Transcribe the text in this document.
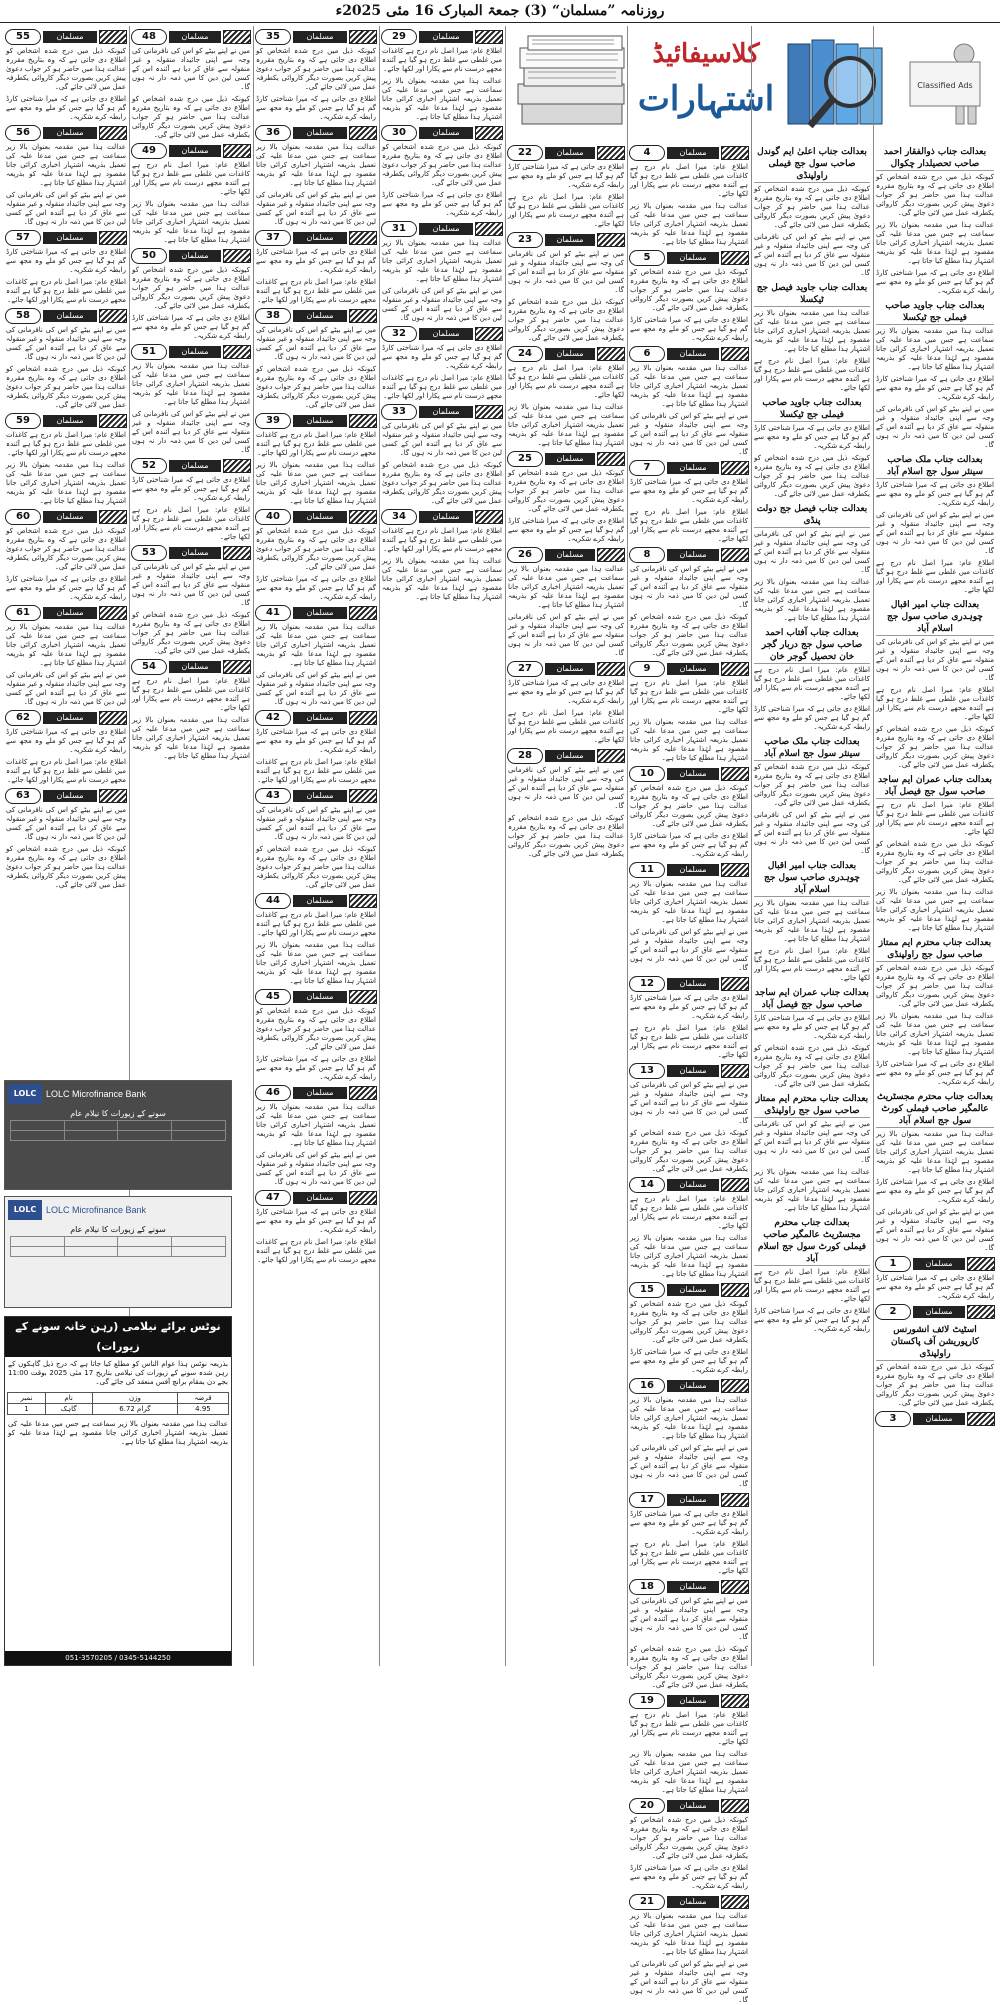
روزنامہ ”مسلمان“ (3) جمعۃ المبارک 16 مئی 2025ء
کلاسیفائیڈ
اشتہارات	Classified Ads
بعدالت جناب ذوالفقار احمد صاحب تحصیلدار چکوال
کیونکہ ذیل میں درج شدہ اشخاص کو اطلاع دی جاتی ہے کہ وہ بتاریخ مقررہ عدالت ہذا میں حاضر ہو کر جواب دعویٰ پیش کریں بصورت دیگر کاروائی یکطرفہ عمل میں لائی جائے گی۔
عدالت ہذا میں مقدمہ بعنوان بالا زیر سماعت ہے جس میں مدعا علیہ کی تعمیل بذریعہ اشتہار اخباری کرائی جانا مقصود ہے لہٰذا مدعا علیہ کو بذریعہ اشتہار ہذا مطلع کیا جاتا ہے۔
اطلاع دی جاتی ہے کہ میرا شناختی کارڈ گم ہو گیا ہے جس کو ملے وہ مجھ سے رابطہ کرے شکریہ۔
بعدالت جناب جاوید صاحب فیملی جج ٹیکسلا
عدالت ہذا میں مقدمہ بعنوان بالا زیر سماعت ہے جس میں مدعا علیہ کی تعمیل بذریعہ اشتہار اخباری کرائی جانا مقصود ہے لہٰذا مدعا علیہ کو بذریعہ اشتہار ہذا مطلع کیا جاتا ہے۔
اطلاع دی جاتی ہے کہ میرا شناختی کارڈ گم ہو گیا ہے جس کو ملے وہ مجھ سے رابطہ کرے شکریہ۔
میں نے اپنے بیٹے کو اس کی نافرمانی کی وجہ سے اپنی جائیداد منقولہ و غیر منقولہ سے عاق کر دیا ہے آئندہ اس کے کسی لین دین کا میں ذمہ دار نہ ہوں گا۔
بعدالت جناب ملک صاحب سینئر سول جج اسلام آباد
اطلاع دی جاتی ہے کہ میرا شناختی کارڈ گم ہو گیا ہے جس کو ملے وہ مجھ سے رابطہ کرے شکریہ۔
میں نے اپنے بیٹے کو اس کی نافرمانی کی وجہ سے اپنی جائیداد منقولہ و غیر منقولہ سے عاق کر دیا ہے آئندہ اس کے کسی لین دین کا میں ذمہ دار نہ ہوں گا۔
اطلاع عام: میرا اصل نام درج ہے کاغذات میں غلطی سے غلط درج ہو گیا ہے آئندہ مجھے درست نام سے پکارا اور لکھا جائے۔
بعدالت جناب امیر اقبال چوہدری صاحب سول جج اسلام آباد
میں نے اپنے بیٹے کو اس کی نافرمانی کی وجہ سے اپنی جائیداد منقولہ و غیر منقولہ سے عاق کر دیا ہے آئندہ اس کے کسی لین دین کا میں ذمہ دار نہ ہوں گا۔
اطلاع عام: میرا اصل نام درج ہے کاغذات میں غلطی سے غلط درج ہو گیا ہے آئندہ مجھے درست نام سے پکارا اور لکھا جائے۔
کیونکہ ذیل میں درج شدہ اشخاص کو اطلاع دی جاتی ہے کہ وہ بتاریخ مقررہ عدالت ہذا میں حاضر ہو کر جواب دعویٰ پیش کریں بصورت دیگر کاروائی یکطرفہ عمل میں لائی جائے گی۔
بعدالت جناب عمران ایم ساجد صاحب سول جج فیصل آباد
اطلاع عام: میرا اصل نام درج ہے کاغذات میں غلطی سے غلط درج ہو گیا ہے آئندہ مجھے درست نام سے پکارا اور لکھا جائے۔
کیونکہ ذیل میں درج شدہ اشخاص کو اطلاع دی جاتی ہے کہ وہ بتاریخ مقررہ عدالت ہذا میں حاضر ہو کر جواب دعویٰ پیش کریں بصورت دیگر کاروائی یکطرفہ عمل میں لائی جائے گی۔
عدالت ہذا میں مقدمہ بعنوان بالا زیر سماعت ہے جس میں مدعا علیہ کی تعمیل بذریعہ اشتہار اخباری کرائی جانا مقصود ہے لہٰذا مدعا علیہ کو بذریعہ اشتہار ہذا مطلع کیا جاتا ہے۔
بعدالت جناب محترم ایم ممتاز صاحب سول جج راولپنڈی
کیونکہ ذیل میں درج شدہ اشخاص کو اطلاع دی جاتی ہے کہ وہ بتاریخ مقررہ عدالت ہذا میں حاضر ہو کر جواب دعویٰ پیش کریں بصورت دیگر کاروائی یکطرفہ عمل میں لائی جائے گی۔
عدالت ہذا میں مقدمہ بعنوان بالا زیر سماعت ہے جس میں مدعا علیہ کی تعمیل بذریعہ اشتہار اخباری کرائی جانا مقصود ہے لہٰذا مدعا علیہ کو بذریعہ اشتہار ہذا مطلع کیا جاتا ہے۔
اطلاع دی جاتی ہے کہ میرا شناختی کارڈ گم ہو گیا ہے جس کو ملے وہ مجھ سے رابطہ کرے شکریہ۔
بعدالت جناب محترم مجسٹریٹ عالمگیر صاحب فیملی کورٹ سول جج اسلام آباد
عدالت ہذا میں مقدمہ بعنوان بالا زیر سماعت ہے جس میں مدعا علیہ کی تعمیل بذریعہ اشتہار اخباری کرائی جانا مقصود ہے لہٰذا مدعا علیہ کو بذریعہ اشتہار ہذا مطلع کیا جاتا ہے۔
اطلاع دی جاتی ہے کہ میرا شناختی کارڈ گم ہو گیا ہے جس کو ملے وہ مجھ سے رابطہ کرے شکریہ۔
میں نے اپنے بیٹے کو اس کی نافرمانی کی وجہ سے اپنی جائیداد منقولہ و غیر منقولہ سے عاق کر دیا ہے آئندہ اس کے کسی لین دین کا میں ذمہ دار نہ ہوں گا۔
1	مسلمان
اطلاع دی جاتی ہے کہ میرا شناختی کارڈ گم ہو گیا ہے جس کو ملے وہ مجھ سے رابطہ کرے شکریہ۔
2	مسلمان
اسٹیٹ لائف انشورنس کارپوریشن آف پاکستان راولپنڈی
کیونکہ ذیل میں درج شدہ اشخاص کو اطلاع دی جاتی ہے کہ وہ بتاریخ مقررہ عدالت ہذا میں حاضر ہو کر جواب دعویٰ پیش کریں بصورت دیگر کاروائی یکطرفہ عمل میں لائی جائے گی۔
3	مسلمان
بعدالت جناب اعلیٰ ایم گوندل صاحب سول جج فیملی راولپنڈی
کیونکہ ذیل میں درج شدہ اشخاص کو اطلاع دی جاتی ہے کہ وہ بتاریخ مقررہ عدالت ہذا میں حاضر ہو کر جواب دعویٰ پیش کریں بصورت دیگر کاروائی یکطرفہ عمل میں لائی جائے گی۔
میں نے اپنے بیٹے کو اس کی نافرمانی کی وجہ سے اپنی جائیداد منقولہ و غیر منقولہ سے عاق کر دیا ہے آئندہ اس کے کسی لین دین کا میں ذمہ دار نہ ہوں گا۔
بعدالت جناب جاوید فیصل جج ٹیکسلا
عدالت ہذا میں مقدمہ بعنوان بالا زیر سماعت ہے جس میں مدعا علیہ کی تعمیل بذریعہ اشتہار اخباری کرائی جانا مقصود ہے لہٰذا مدعا علیہ کو بذریعہ اشتہار ہذا مطلع کیا جاتا ہے۔
اطلاع عام: میرا اصل نام درج ہے کاغذات میں غلطی سے غلط درج ہو گیا ہے آئندہ مجھے درست نام سے پکارا اور لکھا جائے۔
بعدالت جناب جاوید صاحب فیملی جج ٹیکسلا
اطلاع دی جاتی ہے کہ میرا شناختی کارڈ گم ہو گیا ہے جس کو ملے وہ مجھ سے رابطہ کرے شکریہ۔
کیونکہ ذیل میں درج شدہ اشخاص کو اطلاع دی جاتی ہے کہ وہ بتاریخ مقررہ عدالت ہذا میں حاضر ہو کر جواب دعویٰ پیش کریں بصورت دیگر کاروائی یکطرفہ عمل میں لائی جائے گی۔
بعدالت جناب فیصل جج دولت پنڈی
میں نے اپنے بیٹے کو اس کی نافرمانی کی وجہ سے اپنی جائیداد منقولہ و غیر منقولہ سے عاق کر دیا ہے آئندہ اس کے کسی لین دین کا میں ذمہ دار نہ ہوں گا۔
عدالت ہذا میں مقدمہ بعنوان بالا زیر سماعت ہے جس میں مدعا علیہ کی تعمیل بذریعہ اشتہار اخباری کرائی جانا مقصود ہے لہٰذا مدعا علیہ کو بذریعہ اشتہار ہذا مطلع کیا جاتا ہے۔
بعدالت جناب آفتاب احمد صاحب سول جج دربار گجر خان تحصیل گوجر خان
اطلاع عام: میرا اصل نام درج ہے کاغذات میں غلطی سے غلط درج ہو گیا ہے آئندہ مجھے درست نام سے پکارا اور لکھا جائے۔
اطلاع دی جاتی ہے کہ میرا شناختی کارڈ گم ہو گیا ہے جس کو ملے وہ مجھ سے رابطہ کرے شکریہ۔
بعدالت جناب ملک صاحب سینئر سول جج اسلام آباد
کیونکہ ذیل میں درج شدہ اشخاص کو اطلاع دی جاتی ہے کہ وہ بتاریخ مقررہ عدالت ہذا میں حاضر ہو کر جواب دعویٰ پیش کریں بصورت دیگر کاروائی یکطرفہ عمل میں لائی جائے گی۔
میں نے اپنے بیٹے کو اس کی نافرمانی کی وجہ سے اپنی جائیداد منقولہ و غیر منقولہ سے عاق کر دیا ہے آئندہ اس کے کسی لین دین کا میں ذمہ دار نہ ہوں گا۔
بعدالت جناب امیر اقبال چوہدری صاحب سول جج اسلام آباد
عدالت ہذا میں مقدمہ بعنوان بالا زیر سماعت ہے جس میں مدعا علیہ کی تعمیل بذریعہ اشتہار اخباری کرائی جانا مقصود ہے لہٰذا مدعا علیہ کو بذریعہ اشتہار ہذا مطلع کیا جاتا ہے۔
اطلاع عام: میرا اصل نام درج ہے کاغذات میں غلطی سے غلط درج ہو گیا ہے آئندہ مجھے درست نام سے پکارا اور لکھا جائے۔
بعدالت جناب عمران ایم ساجد صاحب سول جج فیصل آباد
اطلاع دی جاتی ہے کہ میرا شناختی کارڈ گم ہو گیا ہے جس کو ملے وہ مجھ سے رابطہ کرے شکریہ۔
کیونکہ ذیل میں درج شدہ اشخاص کو اطلاع دی جاتی ہے کہ وہ بتاریخ مقررہ عدالت ہذا میں حاضر ہو کر جواب دعویٰ پیش کریں بصورت دیگر کاروائی یکطرفہ عمل میں لائی جائے گی۔
بعدالت جناب محترم ایم ممتاز صاحب سول جج راولپنڈی
میں نے اپنے بیٹے کو اس کی نافرمانی کی وجہ سے اپنی جائیداد منقولہ و غیر منقولہ سے عاق کر دیا ہے آئندہ اس کے کسی لین دین کا میں ذمہ دار نہ ہوں گا۔
عدالت ہذا میں مقدمہ بعنوان بالا زیر سماعت ہے جس میں مدعا علیہ کی تعمیل بذریعہ اشتہار اخباری کرائی جانا مقصود ہے لہٰذا مدعا علیہ کو بذریعہ اشتہار ہذا مطلع کیا جاتا ہے۔
بعدالت جناب محترم مجسٹریٹ عالمگیر صاحب فیملی کورٹ سول جج اسلام آباد
اطلاع عام: میرا اصل نام درج ہے کاغذات میں غلطی سے غلط درج ہو گیا ہے آئندہ مجھے درست نام سے پکارا اور لکھا جائے۔
اطلاع دی جاتی ہے کہ میرا شناختی کارڈ گم ہو گیا ہے جس کو ملے وہ مجھ سے رابطہ کرے شکریہ۔
4	مسلمان
اطلاع عام: میرا اصل نام درج ہے کاغذات میں غلطی سے غلط درج ہو گیا ہے آئندہ مجھے درست نام سے پکارا اور لکھا جائے۔
عدالت ہذا میں مقدمہ بعنوان بالا زیر سماعت ہے جس میں مدعا علیہ کی تعمیل بذریعہ اشتہار اخباری کرائی جانا مقصود ہے لہٰذا مدعا علیہ کو بذریعہ اشتہار ہذا مطلع کیا جاتا ہے۔
5	مسلمان
کیونکہ ذیل میں درج شدہ اشخاص کو اطلاع دی جاتی ہے کہ وہ بتاریخ مقررہ عدالت ہذا میں حاضر ہو کر جواب دعویٰ پیش کریں بصورت دیگر کاروائی یکطرفہ عمل میں لائی جائے گی۔
اطلاع دی جاتی ہے کہ میرا شناختی کارڈ گم ہو گیا ہے جس کو ملے وہ مجھ سے رابطہ کرے شکریہ۔
6	مسلمان
عدالت ہذا میں مقدمہ بعنوان بالا زیر سماعت ہے جس میں مدعا علیہ کی تعمیل بذریعہ اشتہار اخباری کرائی جانا مقصود ہے لہٰذا مدعا علیہ کو بذریعہ اشتہار ہذا مطلع کیا جاتا ہے۔
میں نے اپنے بیٹے کو اس کی نافرمانی کی وجہ سے اپنی جائیداد منقولہ و غیر منقولہ سے عاق کر دیا ہے آئندہ اس کے کسی لین دین کا میں ذمہ دار نہ ہوں گا۔
7	مسلمان
اطلاع دی جاتی ہے کہ میرا شناختی کارڈ گم ہو گیا ہے جس کو ملے وہ مجھ سے رابطہ کرے شکریہ۔
اطلاع عام: میرا اصل نام درج ہے کاغذات میں غلطی سے غلط درج ہو گیا ہے آئندہ مجھے درست نام سے پکارا اور لکھا جائے۔
8	مسلمان
میں نے اپنے بیٹے کو اس کی نافرمانی کی وجہ سے اپنی جائیداد منقولہ و غیر منقولہ سے عاق کر دیا ہے آئندہ اس کے کسی لین دین کا میں ذمہ دار نہ ہوں گا۔
کیونکہ ذیل میں درج شدہ اشخاص کو اطلاع دی جاتی ہے کہ وہ بتاریخ مقررہ عدالت ہذا میں حاضر ہو کر جواب دعویٰ پیش کریں بصورت دیگر کاروائی یکطرفہ عمل میں لائی جائے گی۔
9	مسلمان
اطلاع عام: میرا اصل نام درج ہے کاغذات میں غلطی سے غلط درج ہو گیا ہے آئندہ مجھے درست نام سے پکارا اور لکھا جائے۔
عدالت ہذا میں مقدمہ بعنوان بالا زیر سماعت ہے جس میں مدعا علیہ کی تعمیل بذریعہ اشتہار اخباری کرائی جانا مقصود ہے لہٰذا مدعا علیہ کو بذریعہ اشتہار ہذا مطلع کیا جاتا ہے۔
10	مسلمان
کیونکہ ذیل میں درج شدہ اشخاص کو اطلاع دی جاتی ہے کہ وہ بتاریخ مقررہ عدالت ہذا میں حاضر ہو کر جواب دعویٰ پیش کریں بصورت دیگر کاروائی یکطرفہ عمل میں لائی جائے گی۔
اطلاع دی جاتی ہے کہ میرا شناختی کارڈ گم ہو گیا ہے جس کو ملے وہ مجھ سے رابطہ کرے شکریہ۔
11	مسلمان
عدالت ہذا میں مقدمہ بعنوان بالا زیر سماعت ہے جس میں مدعا علیہ کی تعمیل بذریعہ اشتہار اخباری کرائی جانا مقصود ہے لہٰذا مدعا علیہ کو بذریعہ اشتہار ہذا مطلع کیا جاتا ہے۔
میں نے اپنے بیٹے کو اس کی نافرمانی کی وجہ سے اپنی جائیداد منقولہ و غیر منقولہ سے عاق کر دیا ہے آئندہ اس کے کسی لین دین کا میں ذمہ دار نہ ہوں گا۔
12	مسلمان
اطلاع دی جاتی ہے کہ میرا شناختی کارڈ گم ہو گیا ہے جس کو ملے وہ مجھ سے رابطہ کرے شکریہ۔
اطلاع عام: میرا اصل نام درج ہے کاغذات میں غلطی سے غلط درج ہو گیا ہے آئندہ مجھے درست نام سے پکارا اور لکھا جائے۔
13	مسلمان
میں نے اپنے بیٹے کو اس کی نافرمانی کی وجہ سے اپنی جائیداد منقولہ و غیر منقولہ سے عاق کر دیا ہے آئندہ اس کے کسی لین دین کا میں ذمہ دار نہ ہوں گا۔
کیونکہ ذیل میں درج شدہ اشخاص کو اطلاع دی جاتی ہے کہ وہ بتاریخ مقررہ عدالت ہذا میں حاضر ہو کر جواب دعویٰ پیش کریں بصورت دیگر کاروائی یکطرفہ عمل میں لائی جائے گی۔
14	مسلمان
اطلاع عام: میرا اصل نام درج ہے کاغذات میں غلطی سے غلط درج ہو گیا ہے آئندہ مجھے درست نام سے پکارا اور لکھا جائے۔
عدالت ہذا میں مقدمہ بعنوان بالا زیر سماعت ہے جس میں مدعا علیہ کی تعمیل بذریعہ اشتہار اخباری کرائی جانا مقصود ہے لہٰذا مدعا علیہ کو بذریعہ اشتہار ہذا مطلع کیا جاتا ہے۔
15	مسلمان
کیونکہ ذیل میں درج شدہ اشخاص کو اطلاع دی جاتی ہے کہ وہ بتاریخ مقررہ عدالت ہذا میں حاضر ہو کر جواب دعویٰ پیش کریں بصورت دیگر کاروائی یکطرفہ عمل میں لائی جائے گی۔
اطلاع دی جاتی ہے کہ میرا شناختی کارڈ گم ہو گیا ہے جس کو ملے وہ مجھ سے رابطہ کرے شکریہ۔
16	مسلمان
عدالت ہذا میں مقدمہ بعنوان بالا زیر سماعت ہے جس میں مدعا علیہ کی تعمیل بذریعہ اشتہار اخباری کرائی جانا مقصود ہے لہٰذا مدعا علیہ کو بذریعہ اشتہار ہذا مطلع کیا جاتا ہے۔
میں نے اپنے بیٹے کو اس کی نافرمانی کی وجہ سے اپنی جائیداد منقولہ و غیر منقولہ سے عاق کر دیا ہے آئندہ اس کے کسی لین دین کا میں ذمہ دار نہ ہوں گا۔
17	مسلمان
اطلاع دی جاتی ہے کہ میرا شناختی کارڈ گم ہو گیا ہے جس کو ملے وہ مجھ سے رابطہ کرے شکریہ۔
اطلاع عام: میرا اصل نام درج ہے کاغذات میں غلطی سے غلط درج ہو گیا ہے آئندہ مجھے درست نام سے پکارا اور لکھا جائے۔
18	مسلمان
میں نے اپنے بیٹے کو اس کی نافرمانی کی وجہ سے اپنی جائیداد منقولہ و غیر منقولہ سے عاق کر دیا ہے آئندہ اس کے کسی لین دین کا میں ذمہ دار نہ ہوں گا۔
کیونکہ ذیل میں درج شدہ اشخاص کو اطلاع دی جاتی ہے کہ وہ بتاریخ مقررہ عدالت ہذا میں حاضر ہو کر جواب دعویٰ پیش کریں بصورت دیگر کاروائی یکطرفہ عمل میں لائی جائے گی۔
19	مسلمان
اطلاع عام: میرا اصل نام درج ہے کاغذات میں غلطی سے غلط درج ہو گیا ہے آئندہ مجھے درست نام سے پکارا اور لکھا جائے۔
عدالت ہذا میں مقدمہ بعنوان بالا زیر سماعت ہے جس میں مدعا علیہ کی تعمیل بذریعہ اشتہار اخباری کرائی جانا مقصود ہے لہٰذا مدعا علیہ کو بذریعہ اشتہار ہذا مطلع کیا جاتا ہے۔
20	مسلمان
کیونکہ ذیل میں درج شدہ اشخاص کو اطلاع دی جاتی ہے کہ وہ بتاریخ مقررہ عدالت ہذا میں حاضر ہو کر جواب دعویٰ پیش کریں بصورت دیگر کاروائی یکطرفہ عمل میں لائی جائے گی۔
اطلاع دی جاتی ہے کہ میرا شناختی کارڈ گم ہو گیا ہے جس کو ملے وہ مجھ سے رابطہ کرے شکریہ۔
21	مسلمان
عدالت ہذا میں مقدمہ بعنوان بالا زیر سماعت ہے جس میں مدعا علیہ کی تعمیل بذریعہ اشتہار اخباری کرائی جانا مقصود ہے لہٰذا مدعا علیہ کو بذریعہ اشتہار ہذا مطلع کیا جاتا ہے۔
میں نے اپنے بیٹے کو اس کی نافرمانی کی وجہ سے اپنی جائیداد منقولہ و غیر منقولہ سے عاق کر دیا ہے آئندہ اس کے کسی لین دین کا میں ذمہ دار نہ ہوں گا۔
22	مسلمان
اطلاع دی جاتی ہے کہ میرا شناختی کارڈ گم ہو گیا ہے جس کو ملے وہ مجھ سے رابطہ کرے شکریہ۔
اطلاع عام: میرا اصل نام درج ہے کاغذات میں غلطی سے غلط درج ہو گیا ہے آئندہ مجھے درست نام سے پکارا اور لکھا جائے۔
23	مسلمان
میں نے اپنے بیٹے کو اس کی نافرمانی کی وجہ سے اپنی جائیداد منقولہ و غیر منقولہ سے عاق کر دیا ہے آئندہ اس کے کسی لین دین کا میں ذمہ دار نہ ہوں گا۔
کیونکہ ذیل میں درج شدہ اشخاص کو اطلاع دی جاتی ہے کہ وہ بتاریخ مقررہ عدالت ہذا میں حاضر ہو کر جواب دعویٰ پیش کریں بصورت دیگر کاروائی یکطرفہ عمل میں لائی جائے گی۔
24	مسلمان
اطلاع عام: میرا اصل نام درج ہے کاغذات میں غلطی سے غلط درج ہو گیا ہے آئندہ مجھے درست نام سے پکارا اور لکھا جائے۔
عدالت ہذا میں مقدمہ بعنوان بالا زیر سماعت ہے جس میں مدعا علیہ کی تعمیل بذریعہ اشتہار اخباری کرائی جانا مقصود ہے لہٰذا مدعا علیہ کو بذریعہ اشتہار ہذا مطلع کیا جاتا ہے۔
25	مسلمان
کیونکہ ذیل میں درج شدہ اشخاص کو اطلاع دی جاتی ہے کہ وہ بتاریخ مقررہ عدالت ہذا میں حاضر ہو کر جواب دعویٰ پیش کریں بصورت دیگر کاروائی یکطرفہ عمل میں لائی جائے گی۔
اطلاع دی جاتی ہے کہ میرا شناختی کارڈ گم ہو گیا ہے جس کو ملے وہ مجھ سے رابطہ کرے شکریہ۔
26	مسلمان
عدالت ہذا میں مقدمہ بعنوان بالا زیر سماعت ہے جس میں مدعا علیہ کی تعمیل بذریعہ اشتہار اخباری کرائی جانا مقصود ہے لہٰذا مدعا علیہ کو بذریعہ اشتہار ہذا مطلع کیا جاتا ہے۔
میں نے اپنے بیٹے کو اس کی نافرمانی کی وجہ سے اپنی جائیداد منقولہ و غیر منقولہ سے عاق کر دیا ہے آئندہ اس کے کسی لین دین کا میں ذمہ دار نہ ہوں گا۔
27	مسلمان
اطلاع دی جاتی ہے کہ میرا شناختی کارڈ گم ہو گیا ہے جس کو ملے وہ مجھ سے رابطہ کرے شکریہ۔
اطلاع عام: میرا اصل نام درج ہے کاغذات میں غلطی سے غلط درج ہو گیا ہے آئندہ مجھے درست نام سے پکارا اور لکھا جائے۔
28	مسلمان
میں نے اپنے بیٹے کو اس کی نافرمانی کی وجہ سے اپنی جائیداد منقولہ و غیر منقولہ سے عاق کر دیا ہے آئندہ اس کے کسی لین دین کا میں ذمہ دار نہ ہوں گا۔
کیونکہ ذیل میں درج شدہ اشخاص کو اطلاع دی جاتی ہے کہ وہ بتاریخ مقررہ عدالت ہذا میں حاضر ہو کر جواب دعویٰ پیش کریں بصورت دیگر کاروائی یکطرفہ عمل میں لائی جائے گی۔
29	مسلمان
اطلاع عام: میرا اصل نام درج ہے کاغذات میں غلطی سے غلط درج ہو گیا ہے آئندہ مجھے درست نام سے پکارا اور لکھا جائے۔
عدالت ہذا میں مقدمہ بعنوان بالا زیر سماعت ہے جس میں مدعا علیہ کی تعمیل بذریعہ اشتہار اخباری کرائی جانا مقصود ہے لہٰذا مدعا علیہ کو بذریعہ اشتہار ہذا مطلع کیا جاتا ہے۔
30	مسلمان
کیونکہ ذیل میں درج شدہ اشخاص کو اطلاع دی جاتی ہے کہ وہ بتاریخ مقررہ عدالت ہذا میں حاضر ہو کر جواب دعویٰ پیش کریں بصورت دیگر کاروائی یکطرفہ عمل میں لائی جائے گی۔
اطلاع دی جاتی ہے کہ میرا شناختی کارڈ گم ہو گیا ہے جس کو ملے وہ مجھ سے رابطہ کرے شکریہ۔
31	مسلمان
عدالت ہذا میں مقدمہ بعنوان بالا زیر سماعت ہے جس میں مدعا علیہ کی تعمیل بذریعہ اشتہار اخباری کرائی جانا مقصود ہے لہٰذا مدعا علیہ کو بذریعہ اشتہار ہذا مطلع کیا جاتا ہے۔
میں نے اپنے بیٹے کو اس کی نافرمانی کی وجہ سے اپنی جائیداد منقولہ و غیر منقولہ سے عاق کر دیا ہے آئندہ اس کے کسی لین دین کا میں ذمہ دار نہ ہوں گا۔
32	مسلمان
اطلاع دی جاتی ہے کہ میرا شناختی کارڈ گم ہو گیا ہے جس کو ملے وہ مجھ سے رابطہ کرے شکریہ۔
اطلاع عام: میرا اصل نام درج ہے کاغذات میں غلطی سے غلط درج ہو گیا ہے آئندہ مجھے درست نام سے پکارا اور لکھا جائے۔
33	مسلمان
میں نے اپنے بیٹے کو اس کی نافرمانی کی وجہ سے اپنی جائیداد منقولہ و غیر منقولہ سے عاق کر دیا ہے آئندہ اس کے کسی لین دین کا میں ذمہ دار نہ ہوں گا۔
کیونکہ ذیل میں درج شدہ اشخاص کو اطلاع دی جاتی ہے کہ وہ بتاریخ مقررہ عدالت ہذا میں حاضر ہو کر جواب دعویٰ پیش کریں بصورت دیگر کاروائی یکطرفہ عمل میں لائی جائے گی۔
34	مسلمان
اطلاع عام: میرا اصل نام درج ہے کاغذات میں غلطی سے غلط درج ہو گیا ہے آئندہ مجھے درست نام سے پکارا اور لکھا جائے۔
عدالت ہذا میں مقدمہ بعنوان بالا زیر سماعت ہے جس میں مدعا علیہ کی تعمیل بذریعہ اشتہار اخباری کرائی جانا مقصود ہے لہٰذا مدعا علیہ کو بذریعہ اشتہار ہذا مطلع کیا جاتا ہے۔
35	مسلمان
کیونکہ ذیل میں درج شدہ اشخاص کو اطلاع دی جاتی ہے کہ وہ بتاریخ مقررہ عدالت ہذا میں حاضر ہو کر جواب دعویٰ پیش کریں بصورت دیگر کاروائی یکطرفہ عمل میں لائی جائے گی۔
اطلاع دی جاتی ہے کہ میرا شناختی کارڈ گم ہو گیا ہے جس کو ملے وہ مجھ سے رابطہ کرے شکریہ۔
36	مسلمان
عدالت ہذا میں مقدمہ بعنوان بالا زیر سماعت ہے جس میں مدعا علیہ کی تعمیل بذریعہ اشتہار اخباری کرائی جانا مقصود ہے لہٰذا مدعا علیہ کو بذریعہ اشتہار ہذا مطلع کیا جاتا ہے۔
میں نے اپنے بیٹے کو اس کی نافرمانی کی وجہ سے اپنی جائیداد منقولہ و غیر منقولہ سے عاق کر دیا ہے آئندہ اس کے کسی لین دین کا میں ذمہ دار نہ ہوں گا۔
37	مسلمان
اطلاع دی جاتی ہے کہ میرا شناختی کارڈ گم ہو گیا ہے جس کو ملے وہ مجھ سے رابطہ کرے شکریہ۔
اطلاع عام: میرا اصل نام درج ہے کاغذات میں غلطی سے غلط درج ہو گیا ہے آئندہ مجھے درست نام سے پکارا اور لکھا جائے۔
38	مسلمان
میں نے اپنے بیٹے کو اس کی نافرمانی کی وجہ سے اپنی جائیداد منقولہ و غیر منقولہ سے عاق کر دیا ہے آئندہ اس کے کسی لین دین کا میں ذمہ دار نہ ہوں گا۔
کیونکہ ذیل میں درج شدہ اشخاص کو اطلاع دی جاتی ہے کہ وہ بتاریخ مقررہ عدالت ہذا میں حاضر ہو کر جواب دعویٰ پیش کریں بصورت دیگر کاروائی یکطرفہ عمل میں لائی جائے گی۔
39	مسلمان
اطلاع عام: میرا اصل نام درج ہے کاغذات میں غلطی سے غلط درج ہو گیا ہے آئندہ مجھے درست نام سے پکارا اور لکھا جائے۔
عدالت ہذا میں مقدمہ بعنوان بالا زیر سماعت ہے جس میں مدعا علیہ کی تعمیل بذریعہ اشتہار اخباری کرائی جانا مقصود ہے لہٰذا مدعا علیہ کو بذریعہ اشتہار ہذا مطلع کیا جاتا ہے۔
40	مسلمان
کیونکہ ذیل میں درج شدہ اشخاص کو اطلاع دی جاتی ہے کہ وہ بتاریخ مقررہ عدالت ہذا میں حاضر ہو کر جواب دعویٰ پیش کریں بصورت دیگر کاروائی یکطرفہ عمل میں لائی جائے گی۔
اطلاع دی جاتی ہے کہ میرا شناختی کارڈ گم ہو گیا ہے جس کو ملے وہ مجھ سے رابطہ کرے شکریہ۔
41	مسلمان
عدالت ہذا میں مقدمہ بعنوان بالا زیر سماعت ہے جس میں مدعا علیہ کی تعمیل بذریعہ اشتہار اخباری کرائی جانا مقصود ہے لہٰذا مدعا علیہ کو بذریعہ اشتہار ہذا مطلع کیا جاتا ہے۔
میں نے اپنے بیٹے کو اس کی نافرمانی کی وجہ سے اپنی جائیداد منقولہ و غیر منقولہ سے عاق کر دیا ہے آئندہ اس کے کسی لین دین کا میں ذمہ دار نہ ہوں گا۔
42	مسلمان
اطلاع دی جاتی ہے کہ میرا شناختی کارڈ گم ہو گیا ہے جس کو ملے وہ مجھ سے رابطہ کرے شکریہ۔
اطلاع عام: میرا اصل نام درج ہے کاغذات میں غلطی سے غلط درج ہو گیا ہے آئندہ مجھے درست نام سے پکارا اور لکھا جائے۔
43	مسلمان
میں نے اپنے بیٹے کو اس کی نافرمانی کی وجہ سے اپنی جائیداد منقولہ و غیر منقولہ سے عاق کر دیا ہے آئندہ اس کے کسی لین دین کا میں ذمہ دار نہ ہوں گا۔
کیونکہ ذیل میں درج شدہ اشخاص کو اطلاع دی جاتی ہے کہ وہ بتاریخ مقررہ عدالت ہذا میں حاضر ہو کر جواب دعویٰ پیش کریں بصورت دیگر کاروائی یکطرفہ عمل میں لائی جائے گی۔
44	مسلمان
اطلاع عام: میرا اصل نام درج ہے کاغذات میں غلطی سے غلط درج ہو گیا ہے آئندہ مجھے درست نام سے پکارا اور لکھا جائے۔
عدالت ہذا میں مقدمہ بعنوان بالا زیر سماعت ہے جس میں مدعا علیہ کی تعمیل بذریعہ اشتہار اخباری کرائی جانا مقصود ہے لہٰذا مدعا علیہ کو بذریعہ اشتہار ہذا مطلع کیا جاتا ہے۔
45	مسلمان
کیونکہ ذیل میں درج شدہ اشخاص کو اطلاع دی جاتی ہے کہ وہ بتاریخ مقررہ عدالت ہذا میں حاضر ہو کر جواب دعویٰ پیش کریں بصورت دیگر کاروائی یکطرفہ عمل میں لائی جائے گی۔
اطلاع دی جاتی ہے کہ میرا شناختی کارڈ گم ہو گیا ہے جس کو ملے وہ مجھ سے رابطہ کرے شکریہ۔
46	مسلمان
عدالت ہذا میں مقدمہ بعنوان بالا زیر سماعت ہے جس میں مدعا علیہ کی تعمیل بذریعہ اشتہار اخباری کرائی جانا مقصود ہے لہٰذا مدعا علیہ کو بذریعہ اشتہار ہذا مطلع کیا جاتا ہے۔
میں نے اپنے بیٹے کو اس کی نافرمانی کی وجہ سے اپنی جائیداد منقولہ و غیر منقولہ سے عاق کر دیا ہے آئندہ اس کے کسی لین دین کا میں ذمہ دار نہ ہوں گا۔
47	مسلمان
اطلاع دی جاتی ہے کہ میرا شناختی کارڈ گم ہو گیا ہے جس کو ملے وہ مجھ سے رابطہ کرے شکریہ۔
اطلاع عام: میرا اصل نام درج ہے کاغذات میں غلطی سے غلط درج ہو گیا ہے آئندہ مجھے درست نام سے پکارا اور لکھا جائے۔
48	مسلمان
میں نے اپنے بیٹے کو اس کی نافرمانی کی وجہ سے اپنی جائیداد منقولہ و غیر منقولہ سے عاق کر دیا ہے آئندہ اس کے کسی لین دین کا میں ذمہ دار نہ ہوں گا۔
کیونکہ ذیل میں درج شدہ اشخاص کو اطلاع دی جاتی ہے کہ وہ بتاریخ مقررہ عدالت ہذا میں حاضر ہو کر جواب دعویٰ پیش کریں بصورت دیگر کاروائی یکطرفہ عمل میں لائی جائے گی۔
49	مسلمان
اطلاع عام: میرا اصل نام درج ہے کاغذات میں غلطی سے غلط درج ہو گیا ہے آئندہ مجھے درست نام سے پکارا اور لکھا جائے۔
عدالت ہذا میں مقدمہ بعنوان بالا زیر سماعت ہے جس میں مدعا علیہ کی تعمیل بذریعہ اشتہار اخباری کرائی جانا مقصود ہے لہٰذا مدعا علیہ کو بذریعہ اشتہار ہذا مطلع کیا جاتا ہے۔
50	مسلمان
کیونکہ ذیل میں درج شدہ اشخاص کو اطلاع دی جاتی ہے کہ وہ بتاریخ مقررہ عدالت ہذا میں حاضر ہو کر جواب دعویٰ پیش کریں بصورت دیگر کاروائی یکطرفہ عمل میں لائی جائے گی۔
اطلاع دی جاتی ہے کہ میرا شناختی کارڈ گم ہو گیا ہے جس کو ملے وہ مجھ سے رابطہ کرے شکریہ۔
51	مسلمان
عدالت ہذا میں مقدمہ بعنوان بالا زیر سماعت ہے جس میں مدعا علیہ کی تعمیل بذریعہ اشتہار اخباری کرائی جانا مقصود ہے لہٰذا مدعا علیہ کو بذریعہ اشتہار ہذا مطلع کیا جاتا ہے۔
میں نے اپنے بیٹے کو اس کی نافرمانی کی وجہ سے اپنی جائیداد منقولہ و غیر منقولہ سے عاق کر دیا ہے آئندہ اس کے کسی لین دین کا میں ذمہ دار نہ ہوں گا۔
52	مسلمان
اطلاع دی جاتی ہے کہ میرا شناختی کارڈ گم ہو گیا ہے جس کو ملے وہ مجھ سے رابطہ کرے شکریہ۔
اطلاع عام: میرا اصل نام درج ہے کاغذات میں غلطی سے غلط درج ہو گیا ہے آئندہ مجھے درست نام سے پکارا اور لکھا جائے۔
53	مسلمان
میں نے اپنے بیٹے کو اس کی نافرمانی کی وجہ سے اپنی جائیداد منقولہ و غیر منقولہ سے عاق کر دیا ہے آئندہ اس کے کسی لین دین کا میں ذمہ دار نہ ہوں گا۔
کیونکہ ذیل میں درج شدہ اشخاص کو اطلاع دی جاتی ہے کہ وہ بتاریخ مقررہ عدالت ہذا میں حاضر ہو کر جواب دعویٰ پیش کریں بصورت دیگر کاروائی یکطرفہ عمل میں لائی جائے گی۔
54	مسلمان
اطلاع عام: میرا اصل نام درج ہے کاغذات میں غلطی سے غلط درج ہو گیا ہے آئندہ مجھے درست نام سے پکارا اور لکھا جائے۔
عدالت ہذا میں مقدمہ بعنوان بالا زیر سماعت ہے جس میں مدعا علیہ کی تعمیل بذریعہ اشتہار اخباری کرائی جانا مقصود ہے لہٰذا مدعا علیہ کو بذریعہ اشتہار ہذا مطلع کیا جاتا ہے۔
55	مسلمان
کیونکہ ذیل میں درج شدہ اشخاص کو اطلاع دی جاتی ہے کہ وہ بتاریخ مقررہ عدالت ہذا میں حاضر ہو کر جواب دعویٰ پیش کریں بصورت دیگر کاروائی یکطرفہ عمل میں لائی جائے گی۔
اطلاع دی جاتی ہے کہ میرا شناختی کارڈ گم ہو گیا ہے جس کو ملے وہ مجھ سے رابطہ کرے شکریہ۔
56	مسلمان
عدالت ہذا میں مقدمہ بعنوان بالا زیر سماعت ہے جس میں مدعا علیہ کی تعمیل بذریعہ اشتہار اخباری کرائی جانا مقصود ہے لہٰذا مدعا علیہ کو بذریعہ اشتہار ہذا مطلع کیا جاتا ہے۔
میں نے اپنے بیٹے کو اس کی نافرمانی کی وجہ سے اپنی جائیداد منقولہ و غیر منقولہ سے عاق کر دیا ہے آئندہ اس کے کسی لین دین کا میں ذمہ دار نہ ہوں گا۔
57	مسلمان
اطلاع دی جاتی ہے کہ میرا شناختی کارڈ گم ہو گیا ہے جس کو ملے وہ مجھ سے رابطہ کرے شکریہ۔
اطلاع عام: میرا اصل نام درج ہے کاغذات میں غلطی سے غلط درج ہو گیا ہے آئندہ مجھے درست نام سے پکارا اور لکھا جائے۔
58	مسلمان
میں نے اپنے بیٹے کو اس کی نافرمانی کی وجہ سے اپنی جائیداد منقولہ و غیر منقولہ سے عاق کر دیا ہے آئندہ اس کے کسی لین دین کا میں ذمہ دار نہ ہوں گا۔
کیونکہ ذیل میں درج شدہ اشخاص کو اطلاع دی جاتی ہے کہ وہ بتاریخ مقررہ عدالت ہذا میں حاضر ہو کر جواب دعویٰ پیش کریں بصورت دیگر کاروائی یکطرفہ عمل میں لائی جائے گی۔
59	مسلمان
اطلاع عام: میرا اصل نام درج ہے کاغذات میں غلطی سے غلط درج ہو گیا ہے آئندہ مجھے درست نام سے پکارا اور لکھا جائے۔
عدالت ہذا میں مقدمہ بعنوان بالا زیر سماعت ہے جس میں مدعا علیہ کی تعمیل بذریعہ اشتہار اخباری کرائی جانا مقصود ہے لہٰذا مدعا علیہ کو بذریعہ اشتہار ہذا مطلع کیا جاتا ہے۔
60	مسلمان
کیونکہ ذیل میں درج شدہ اشخاص کو اطلاع دی جاتی ہے کہ وہ بتاریخ مقررہ عدالت ہذا میں حاضر ہو کر جواب دعویٰ پیش کریں بصورت دیگر کاروائی یکطرفہ عمل میں لائی جائے گی۔
اطلاع دی جاتی ہے کہ میرا شناختی کارڈ گم ہو گیا ہے جس کو ملے وہ مجھ سے رابطہ کرے شکریہ۔
61	مسلمان
عدالت ہذا میں مقدمہ بعنوان بالا زیر سماعت ہے جس میں مدعا علیہ کی تعمیل بذریعہ اشتہار اخباری کرائی جانا مقصود ہے لہٰذا مدعا علیہ کو بذریعہ اشتہار ہذا مطلع کیا جاتا ہے۔
میں نے اپنے بیٹے کو اس کی نافرمانی کی وجہ سے اپنی جائیداد منقولہ و غیر منقولہ سے عاق کر دیا ہے آئندہ اس کے کسی لین دین کا میں ذمہ دار نہ ہوں گا۔
62	مسلمان
اطلاع دی جاتی ہے کہ میرا شناختی کارڈ گم ہو گیا ہے جس کو ملے وہ مجھ سے رابطہ کرے شکریہ۔
اطلاع عام: میرا اصل نام درج ہے کاغذات میں غلطی سے غلط درج ہو گیا ہے آئندہ مجھے درست نام سے پکارا اور لکھا جائے۔
63	مسلمان
میں نے اپنے بیٹے کو اس کی نافرمانی کی وجہ سے اپنی جائیداد منقولہ و غیر منقولہ سے عاق کر دیا ہے آئندہ اس کے کسی لین دین کا میں ذمہ دار نہ ہوں گا۔
کیونکہ ذیل میں درج شدہ اشخاص کو اطلاع دی جاتی ہے کہ وہ بتاریخ مقررہ عدالت ہذا میں حاضر ہو کر جواب دعویٰ پیش کریں بصورت دیگر کاروائی یکطرفہ عمل میں لائی جائے گی۔
LOLC	LOLC Microfinance Bank
سونے کے زیورات کا نیلام عام

LOLC	LOLC Microfinance Bank
سونے کے زیورات کا نیلام عام

نوٹس برائے نیلامی (رہن خانہ سونے کے زیورات)
بذریعہ نوٹس ہذا عوام الناس کو مطلع کیا جاتا ہے کہ درج ذیل گاہکوں کے رہن شدہ سونے کے زیورات کی نیلامی بتاریخ 17 مئی 2025 بوقت 11:00 بجے دن بمقام برانچ آفس منعقد کی جائے گی۔
نمبر	نام	وزن	قرضہ
1	گاہک	6.72 گرام	4.95
عدالت ہذا میں مقدمہ بعنوان بالا زیر سماعت ہے جس میں مدعا علیہ کی تعمیل بذریعہ اشتہار اخباری کرائی جانا مقصود ہے لہٰذا مدعا علیہ کو بذریعہ اشتہار ہذا مطلع کیا جاتا ہے۔
0345-5144250 / 051-3570205
